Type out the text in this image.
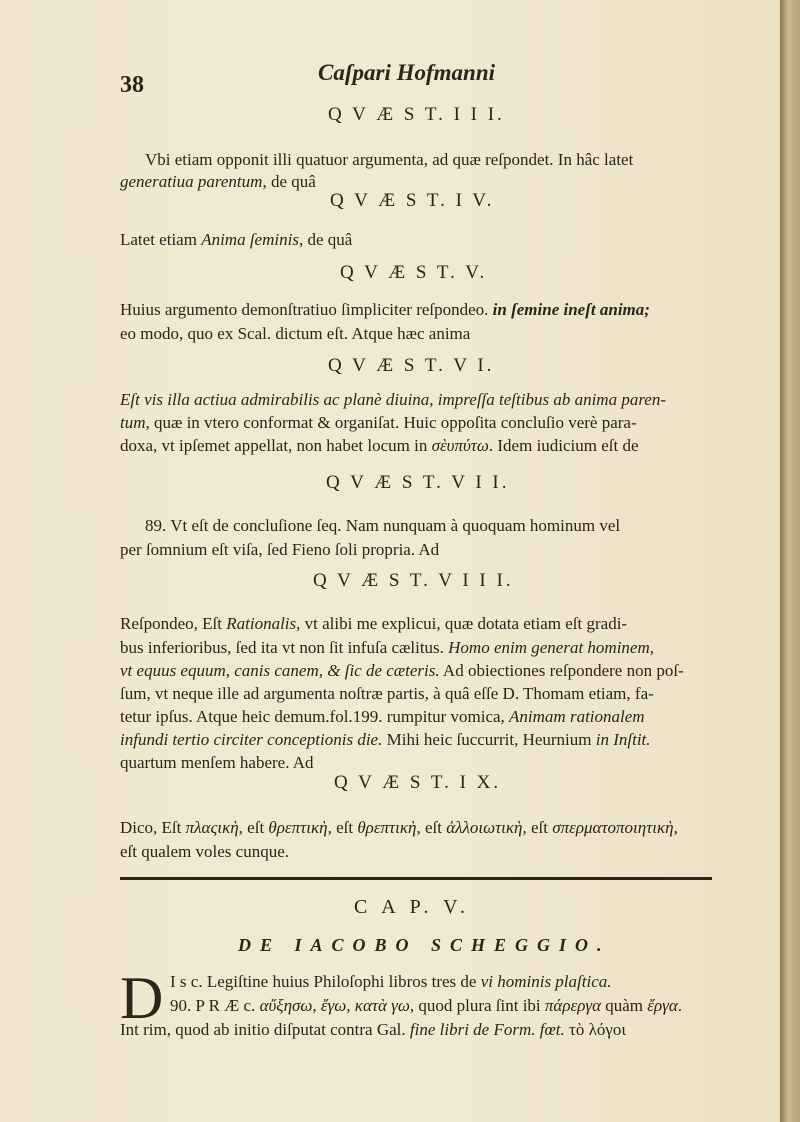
38	Caſpari Hofmanni
Q V Æ S T. I I I.
Vbi etiam opponit illi quatuor argumenta, ad quæ reſpondet. In hâc latet
generatiua parentum, de quâ
Q V Æ S T. I V.
Latet etiam Anima ſeminis, de quâ
Q V Æ S T. V.
Huius argumento demonſtratiuo ſimpliciter reſpondeo. in ſemine ineſt anima;
eo modo, quo ex Scal. dictum eſt. Atque hæc anima
Q V Æ S T. V I.
Eſt vis illa actiua admirabilis ac planè diuina, impreſſa teſtibus ab anima paren-
tum, quæ in vtero conformat & organiſat. Huic oppoſita concluſio verè para-
doxa, vt ipſemet appellat, non habet locum in σὲυπύτω. Idem iudicium eſt de
Q V Æ S T. V I I.
89. Vt eſt de concluſione ſeq. Nam nunquam à quoquam hominum vel
per ſomnium eſt viſa, ſed Fieno ſoli propria. Ad
Q V Æ S T. V I I I.
Reſpondeo, Eſt Rationalis, vt alibi me explicui, quæ dotata etiam eſt gradi-
bus inferioribus, ſed ita vt non ſit infuſa cælitus. Homo enim generat hominem,
vt equus equum, canis canem, & ſic de cæteris. Ad obiectiones reſpondere non poſ-
ſum, vt neque ille ad argumenta noſtræ partis, à quâ eſſe D. Thomam etiam, fa-
tetur ipſus. Atque heic demum.fol.199. rumpitur vomica, Animam rationalem
infundi tertio circiter conceptionis die. Mihi heic ſuccurrit, Heurnium in Inſtit.
quartum menſem habere. Ad
Q V Æ S T. I X.
Dico, Eſt πλαςικὴ, eſt θρεπτικὴ, eſt θρεπτικὴ, eſt ἀλλοιωτικὴ, eſt σπερματοποιητικὴ,
eſt qualem voles cunque.
C A P. V.
DE IACOBO SCHEGGIO.
D I s c. Legiſtine huius Philoſophi libros tres de vi hominis plaſtica.
90. P R Æ c. αὔξησω, ἔγω, κατὰ γω, quod plura ſint ibi πάρεργα quàm ἔργα.
Int rim, quod ab initio diſputat contra Gal. fine libri de Form. fœt. τὸ λόγοι
